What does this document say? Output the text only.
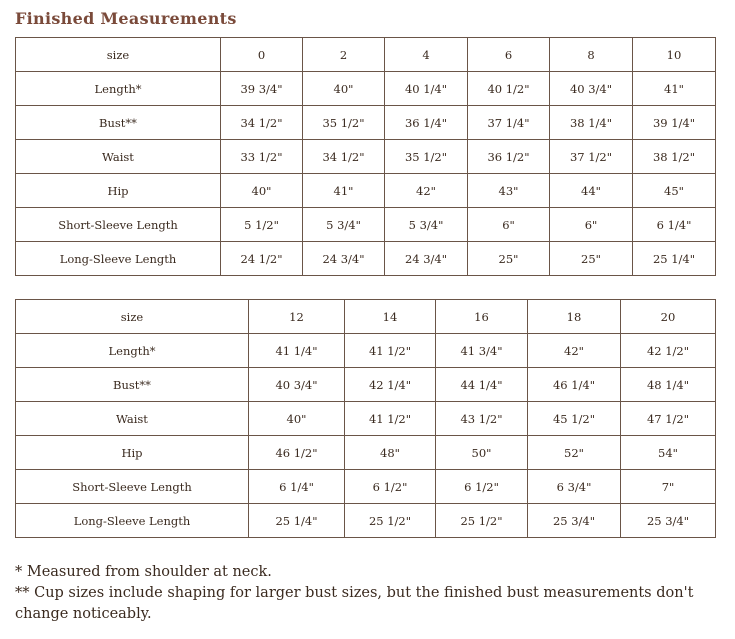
Finished Measurements
size	0	2	4	6	8	10
Length*	39 3/4"	40"	40 1/4"	40 1/2"	40 3/4"	41"
Bust**	34 1/2"	35 1/2"	36 1/4"	37 1/4"	38 1/4"	39 1/4"
Waist	33 1/2"	34 1/2"	35 1/2"	36 1/2"	37 1/2"	38 1/2"
Hip	40"	41"	42"	43"	44"	45"
Short-Sleeve Length	5 1/2"	5 3/4"	5 3/4"	6"	6"	6 1/4"
Long-Sleeve Length	24 1/2"	24 3/4"	24 3/4"	25"	25"	25 1/4"
size	12	14	16	18	20
Length*	41 1/4"	41 1/2"	41 3/4"	42"	42 1/2"
Bust**	40 3/4"	42 1/4"	44 1/4"	46 1/4"	48 1/4"
Waist	40"	41 1/2"	43 1/2"	45 1/2"	47 1/2"
Hip	46 1/2"	48"	50"	52"	54"
Short-Sleeve Length	6 1/4"	6 1/2"	6 1/2"	6 3/4"	7"
Long-Sleeve Length	25 1/4"	25 1/2"	25 1/2"	25 3/4"	25 3/4"
* Measured from shoulder at neck.
** Cup sizes include shaping for larger bust sizes, but the finished bust measurements don't change noticeably.
